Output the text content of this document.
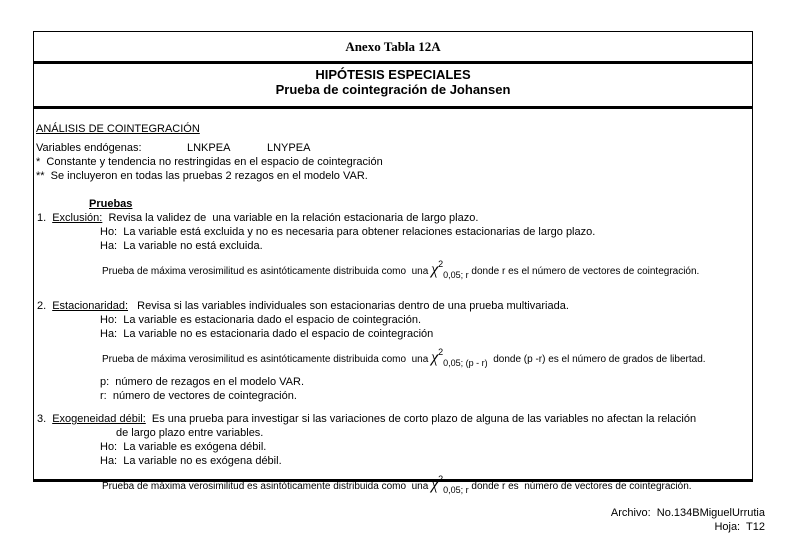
Anexo Tabla 12A
HIPÓTESIS ESPECIALES
Prueba de cointegración de Johansen
ANÁLISIS DE COINTEGRACIÓN
Variables endógenas:	LNKPEA	LNYPEA
*  Constante y tendencia no restringidas en el espacio de cointegración
**  Se incluyeron en todas las pruebas 2 rezagos en el modelo VAR.
Pruebas
1. Exclusión:  Revisa la validez de  una variable en la relación estacionaria de largo plazo.
Ho:  La variable está excluida y no es necesaria para obtener relaciones estacionarias de largo plazo.
Ha:  La variable no está excluida.
Prueba de máxima verosimilitud es asintóticamente distribuida como  una χ20,05; r donde r es el número de vectores de cointegración.
2. Estacionaridad:   Revisa si las variables individuales son estacionarias dentro de una prueba multivariada.
Ho:  La variable es estacionaria dado el espacio de cointegración.
Ha:  La variable no es estacionaria dado el espacio de cointegración
Prueba de máxima verosimilitud es asintóticamente distribuida como  una χ20,05; (p - r)  donde (p -r) es el número de grados de libertad.
p:  número de rezagos en el modelo VAR.
r:  número de vectores de cointegración.
3. Exogeneidad débil:  Es una prueba para investigar si las variaciones de corto plazo de alguna de las variables no afectan la relación
de largo plazo entre variables.
Ho:  La variable es exógena débil.
Ha:  La variable no es exógena débil.
Prueba de máxima verosimilitud es asintóticamente distribuida como  una χ20,05; r donde r es  número de vectores de cointegración.
Archivo:  No.134BMiguelUrrutia
Hoja:  T12
